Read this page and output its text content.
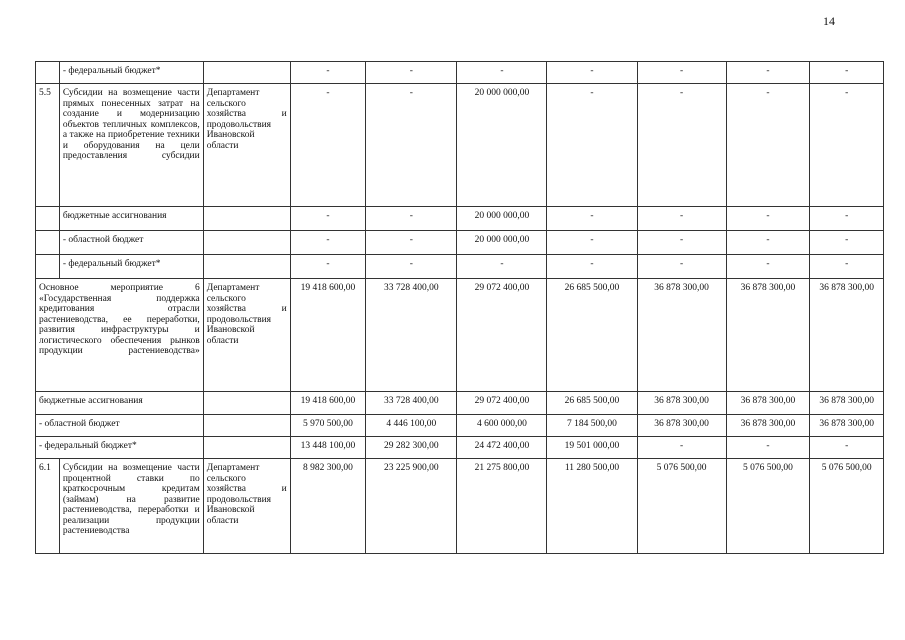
14
	- федеральный бюджет*		-	-	-	-	-	-	-
5.5	Субсидии на возмещение части прямых понесенных затрат на создание и модернизацию объектов тепличных комплексов, а также на приобретение техники и оборудования на цели предоставления субсидии	Департамент сельского хозяйства и продовольствия Ивановской области	-	-	20 000 000,00	-	-	-	-
	бюджетные ассигнования		-	-	20 000 000,00	-	-	-	-
	- областной бюджет		-	-	20 000 000,00	-	-	-	-
	- федеральный бюджет*		-	-	-	-	-	-	-
Основное мероприятие 6 «Государственная поддержка кредитования отрасли растениеводства, ее переработки, развития инфраструктуры и логистического обеспечения рынков продукции растениеводства»		Департамент сельского хозяйства и продовольствия Ивановской области	19 418 600,00	33 728 400,00	29 072 400,00	26 685 500,00	36 878 300,00	36 878 300,00	36 878 300,00
бюджетные ассигнования			19 418 600,00	33 728 400,00	29 072 400,00	26 685 500,00	36 878 300,00	36 878 300,00	36 878 300,00
- областной бюджет			5 970 500,00	4 446 100,00	4 600 000,00	7 184 500,00	36 878 300,00	36 878 300,00	36 878 300,00
- федеральный бюджет*			13 448 100,00	29 282 300,00	24 472 400,00	19 501 000,00	-	-	-
6.1	Субсидии на возмещение части процентной ставки по краткосрочным кредитам (займам) на развитие растениеводства, переработки и реализации продукции растениеводства	Департамент сельского хозяйства и продовольствия Ивановской области	8 982 300,00	23 225 900,00	21 275 800,00	11 280 500,00	5 076 500,00	5 076 500,00	5 076 500,00
